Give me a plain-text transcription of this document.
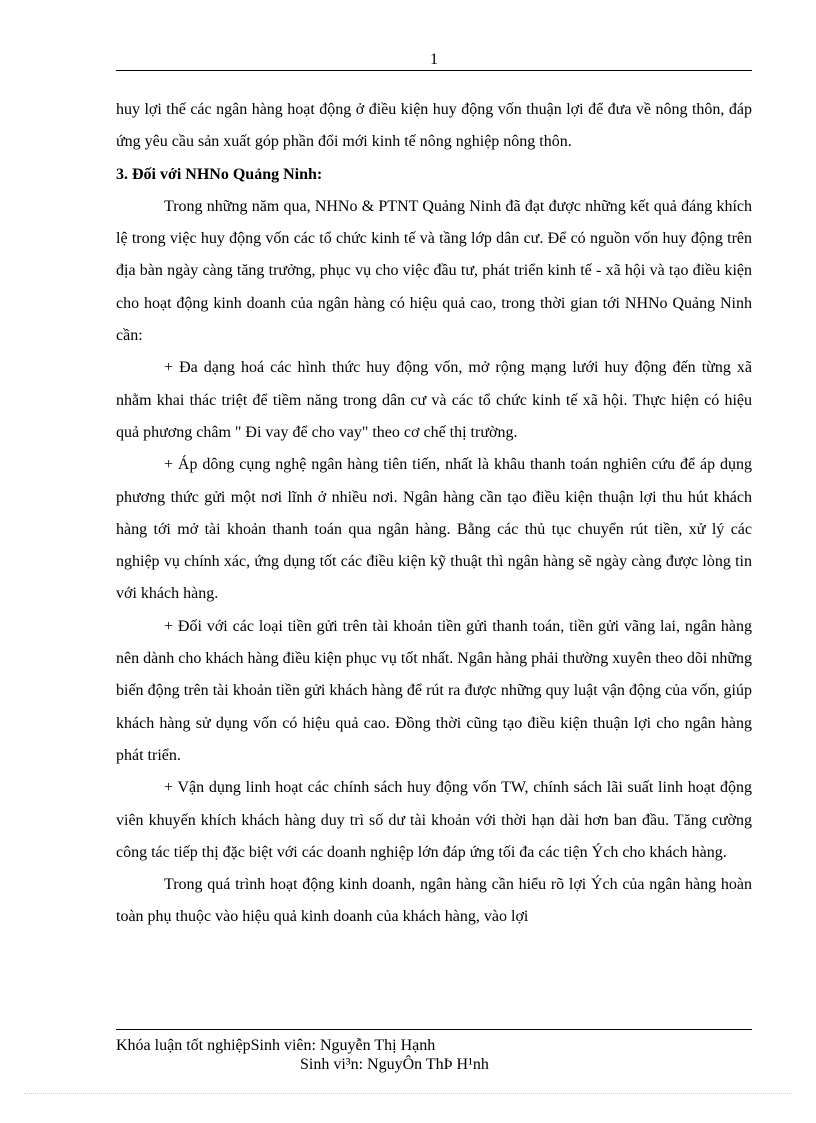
1

huy lợi thế các ngân hàng hoạt động ở điều kiện huy động vốn thuận lợi để đưa về nông thôn, đáp ứng yêu cầu sản xuất góp phần đổi mới kinh tế nông nghiệp nông thôn.

3. Đối với NHNo Quảng Ninh:

Trong những năm qua, NHNo & PTNT Quảng Ninh đã đạt được những kết quả đáng khích lệ trong việc huy động vốn các tổ chức kinh tế và tầng lớp dân cư. Để có nguồn vốn huy động trên địa bàn ngày càng tăng trưởng, phục vụ cho việc đầu tư, phát triển kinh tế - xã hội và tạo điều kiện cho hoạt động kinh doanh của ngân hàng có hiệu quả cao, trong thời gian tới NHNo Quảng Ninh cần:

+ Đa dạng hoá các hình thức huy động vốn, mở rộng mạng lưới huy động đến từng xã nhằm khai thác triệt để tiềm năng trong dân cư và các tổ chức kinh tế xã hội. Thực hiện có hiệu quả phương châm " Đi vay để cho vay" theo cơ chế thị trường.

+ Áp dông cụng nghệ ngân hàng tiên tiến, nhất là khâu thanh toán nghiên cứu để áp dụng phương thức gửi một nơi lĩnh ở nhiều nơi. Ngân hàng cần tạo điều kiện thuận lợi thu hút khách hàng tới mở tài khoản thanh toán qua ngân hàng. Bằng các thủ tục chuyển rút tiền, xử lý các nghiệp vụ chính xác, ứng dụng tốt các điều kiện kỹ thuật thì ngân hàng sẽ ngày càng được lòng tin với khách hàng.

+ Đối với các loại tiền gửi trên tài khoản tiền gửi thanh toán, tiền gửi vãng lai, ngân hàng nên dành cho khách hàng điều kiện phục vụ tốt nhất. Ngân hàng phải thường xuyên theo dõi những biến động trên tài khoản tiền gửi khách hàng để rút ra được những quy luật vận động của vốn, giúp khách hàng sử dụng vốn có hiệu quả cao. Đồng thời cũng tạo điều kiện thuận lợi cho ngân hàng phát triển.

+ Vận dụng linh hoạt các chính sách huy động vốn TW, chính sách lãi suất linh hoạt động viên khuyến khích khách hàng duy trì số dư tài khoản với thời hạn dài hơn ban đầu. Tăng cường công tác tiếp thị đặc biệt với các doanh nghiệp lớn đáp ứng tối đa các tiện Ých cho khách hàng.

Trong quá trình hoạt động kinh doanh, ngân hàng cần hiểu rõ lợi Ých của ngân hàng hoàn toàn phụ thuộc vào hiệu quả kinh doanh của khách hàng, vào lợi

Khóa luận tốt nghiệpSinh viên: Nguyễn Thị Hạnh
Sinh vi³n: NguyÔn ThÞ H¹nh
